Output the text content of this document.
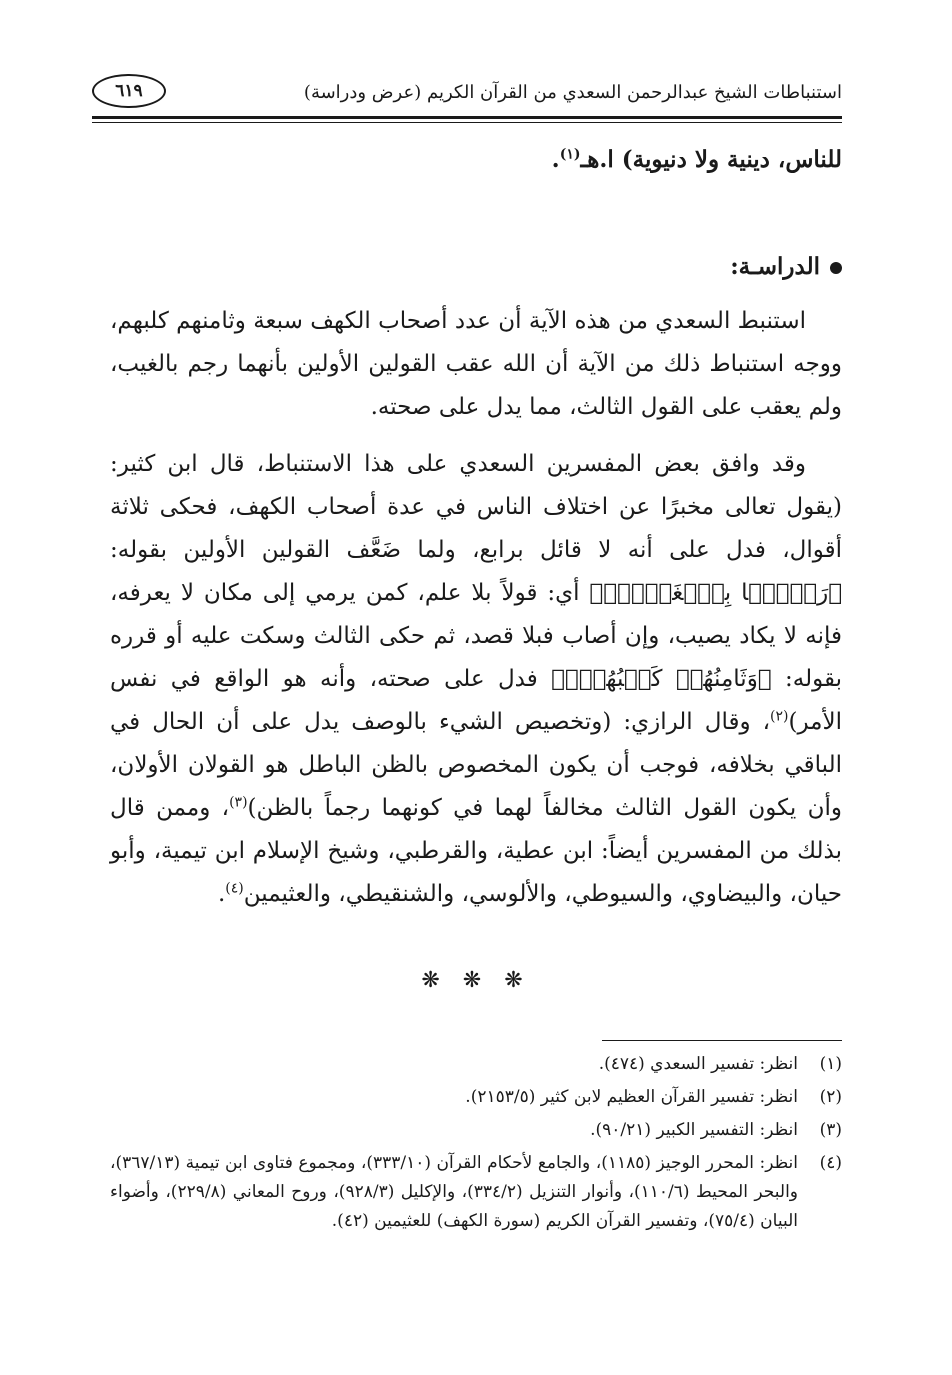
استنباطات الشيخ عبدالرحمن السعدي من القرآن الكريم (عرض ودراسة)
٦١٩

للناس، دينية ولا دنيوية) ا.هـ$^{(١)}$.

الدراسـة:

استنبط السعدي من هذه الآية أن عدد أصحاب الكهف سبعة وثامنهم كلبهم، ووجه استنباط ذلك من الآية أن الله عقب القولين الأولين بأنهما رجم بالغيب، ولم يعقب على القول الثالث، مما يدل على صحته.

وقد وافق بعض المفسرين السعدي على هذا الاستنباط، قال ابن كثير: (يقول تعالى مخبرًا عن اختلاف الناس في عدة أصحاب الكهف، فحكى ثلاثة أقوال، فدل على أنه لا قائل برابع، ولما ضَعَّف القولين الأولين بقوله: ﴿رَجۡمَۢا بِٱلۡغَيۡبِۖ﴾ أي: قولاً بلا علم، كمن يرمي إلى مكان لا يعرفه، فإنه لا يكاد يصيب، وإن أصاب فبلا قصد، ثم حكى الثالث وسكت عليه أو قرره بقوله: ﴿وَثَامِنُهُمۡ كَلۡبُهُمۡۚ﴾ فدل على صحته، وأنه هو الواقع في نفس الأمر)$^{(٢)}$، وقال الرازي: (وتخصيص الشيء بالوصف يدل على أن الحال في الباقي بخلافه، فوجب أن يكون المخصوص بالظن الباطل هو القولان الأولان، وأن يكون القول الثالث مخالفاً لهما في كونهما رجماً بالظن)$^{(٣)}$، وممن قال بذلك من المفسرين أيضاً: ابن عطية، والقرطبي، وشيخ الإسلام ابن تيمية، وأبو حيان، والبيضاوي، والسيوطي، والألوسي، والشنقيطي، والعثيمين$^{(٤)}$.

❋ ❋ ❋
(١)
انظر: تفسير السعدي (٤٧٤).
(٢)
انظر: تفسير القرآن العظيم لابن كثير (٢١٥٣/٥).
(٣)
انظر: التفسير الكبير (٩٠/٢١).
(٤)
انظر: المحرر الوجيز (١١٨٥)، والجامع لأحكام القرآن (٣٣٣/١٠)، ومجموع فتاوى ابن تيمية (٣٦٧/١٣)، والبحر المحيط (١١٠/٦)، وأنوار التنزيل (٣٣٤/٢)، والإكليل (٩٢٨/٣)، وروح المعاني (٢٢٩/٨)، وأضواء البيان (٧٥/٤)، وتفسير القرآن الكريم (سورة الكهف) للعثيمين (٤٢).
